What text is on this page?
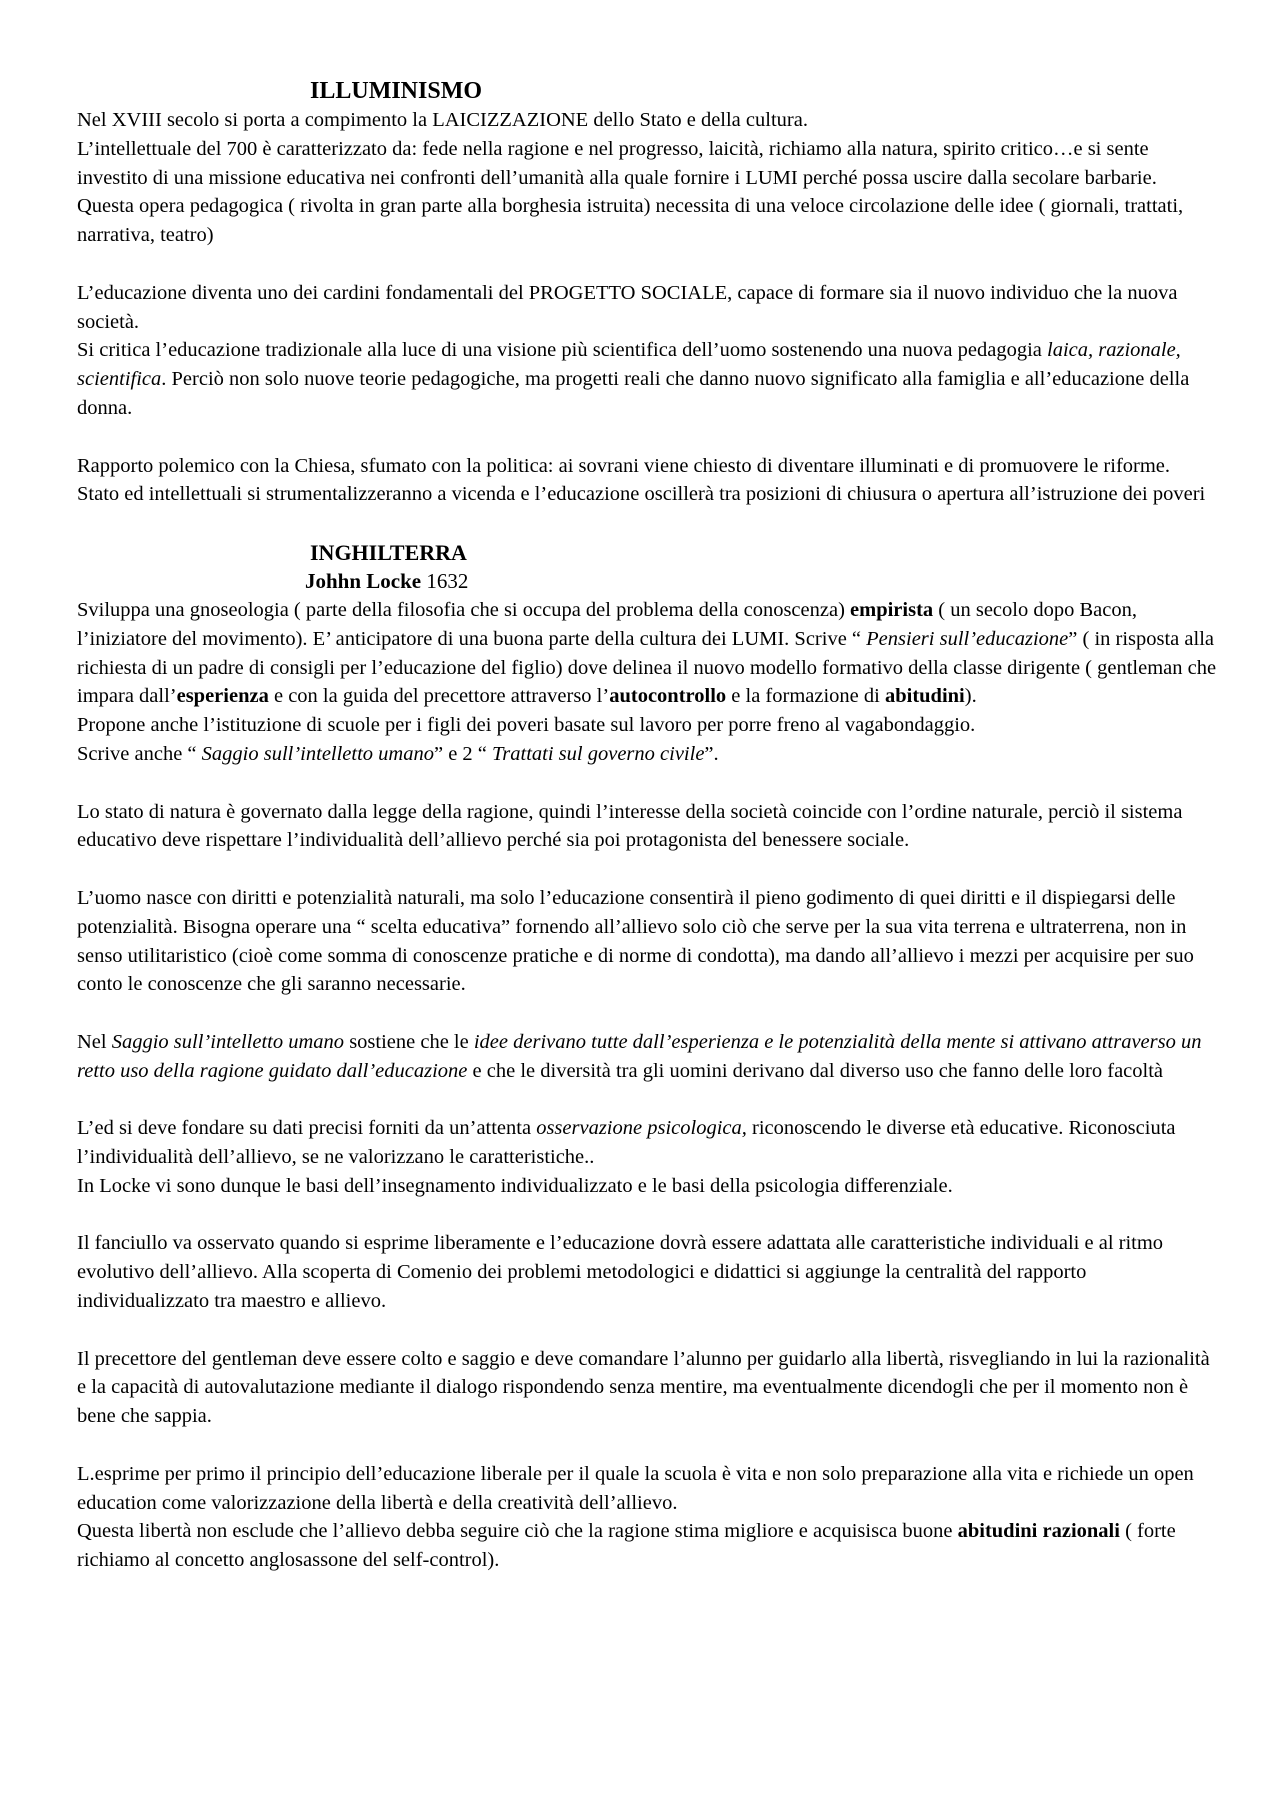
ILLUMINISMO

Nel XVIII secolo si porta a compimento la LAICIZZAZIONE dello Stato e della cultura.

L’intellettuale del 700 è caratterizzato da: fede nella ragione e nel progresso, laicità, richiamo alla natura, spirito critico…e si sente investito di una missione educativa nei confronti dell’umanità alla quale fornire i LUMI perché possa uscire dalla secolare barbarie.

Questa opera pedagogica ( rivolta in gran parte alla borghesia istruita) necessita di una veloce circolazione delle idee ( giornali, trattati, narrativa, teatro)

L’educazione diventa uno dei cardini fondamentali del PROGETTO SOCIALE, capace di formare sia il nuovo individuo che la nuova società.

Si critica l’educazione tradizionale alla luce di una visione più scientifica dell’uomo sostenendo una nuova pedagogia laica, razionale, scientifica. Perciò non solo nuove teorie pedagogiche, ma progetti reali che danno nuovo significato alla famiglia e all’educazione della donna.

Rapporto polemico con la Chiesa, sfumato con la politica: ai sovrani viene chiesto di diventare illuminati e di promuovere le riforme. Stato ed intellettuali si strumentalizzeranno a vicenda e l’educazione oscillerà tra posizioni di chiusura o apertura all’istruzione dei poveri

INGHILTERRA

Johhn Locke 1632

Sviluppa una gnoseologia ( parte della filosofia che si occupa del problema della conoscenza) empirista ( un secolo dopo Bacon, l’iniziatore del movimento). E’ anticipatore di una buona parte della cultura dei LUMI. Scrive “ Pensieri sull’educazione” ( in risposta alla richiesta di un padre di consigli per l’educazione del figlio) dove delinea il nuovo modello formativo della classe dirigente ( gentleman che impara dall’esperienza e con la guida del precettore attraverso l’autocontrollo e la formazione di abitudini).

Propone anche l’istituzione di scuole per i figli dei poveri basate sul lavoro per porre freno al vagabondaggio.

Scrive anche “ Saggio sull’intelletto umano” e 2 “ Trattati sul governo civile”.

Lo stato di natura è governato dalla legge della ragione, quindi l’interesse della società coincide con l’ordine naturale, perciò il sistema educativo deve rispettare l’individualità dell’allievo perché sia poi protagonista del benessere sociale.

L’uomo nasce con diritti e potenzialità naturali, ma solo l’educazione consentirà il pieno godimento di quei diritti e il dispiegarsi delle potenzialità. Bisogna operare una “ scelta educativa” fornendo all’allievo solo ciò che serve per la sua vita terrena e ultraterrena, non in senso utilitaristico (cioè come somma di conoscenze pratiche e di norme di condotta), ma dando all’allievo i mezzi per acquisire per suo conto le conoscenze che gli saranno necessarie.

Nel Saggio sull’intelletto umano sostiene che le idee derivano tutte dall’esperienza e le potenzialità della mente si attivano attraverso un retto uso della ragione guidato dall’educazione e che le diversità tra gli uomini derivano dal diverso uso che fanno delle loro facoltà

L’ed si deve fondare su dati precisi forniti da un’attenta osservazione psicologica, riconoscendo le diverse età educative. Riconosciuta l’individualità dell’allievo, se ne valorizzano le caratteristiche..

In Locke vi sono dunque le basi dell’insegnamento individualizzato e le basi della psicologia differenziale.

Il fanciullo va osservato quando si esprime liberamente e l’educazione dovrà essere adattata alle caratteristiche individuali e al ritmo evolutivo dell’allievo. Alla scoperta di Comenio dei problemi metodologici e didattici si aggiunge la centralità del rapporto individualizzato tra maestro e allievo.

Il precettore del gentleman deve essere colto e saggio e deve comandare l’alunno per guidarlo alla libertà, risvegliando in lui la razionalità e la capacità di autovalutazione mediante il dialogo rispondendo senza mentire, ma eventualmente dicendogli che per il momento non è bene che sappia.

L.esprime per primo il principio dell’educazione liberale per il quale la scuola è vita e non solo preparazione alla vita e richiede un open education come valorizzazione della libertà e della creatività dell’allievo.

Questa libertà non esclude che l’allievo debba seguire ciò che la ragione stima migliore e acquisisca buone abitudini razionali ( forte richiamo al concetto anglosassone del self-control).
